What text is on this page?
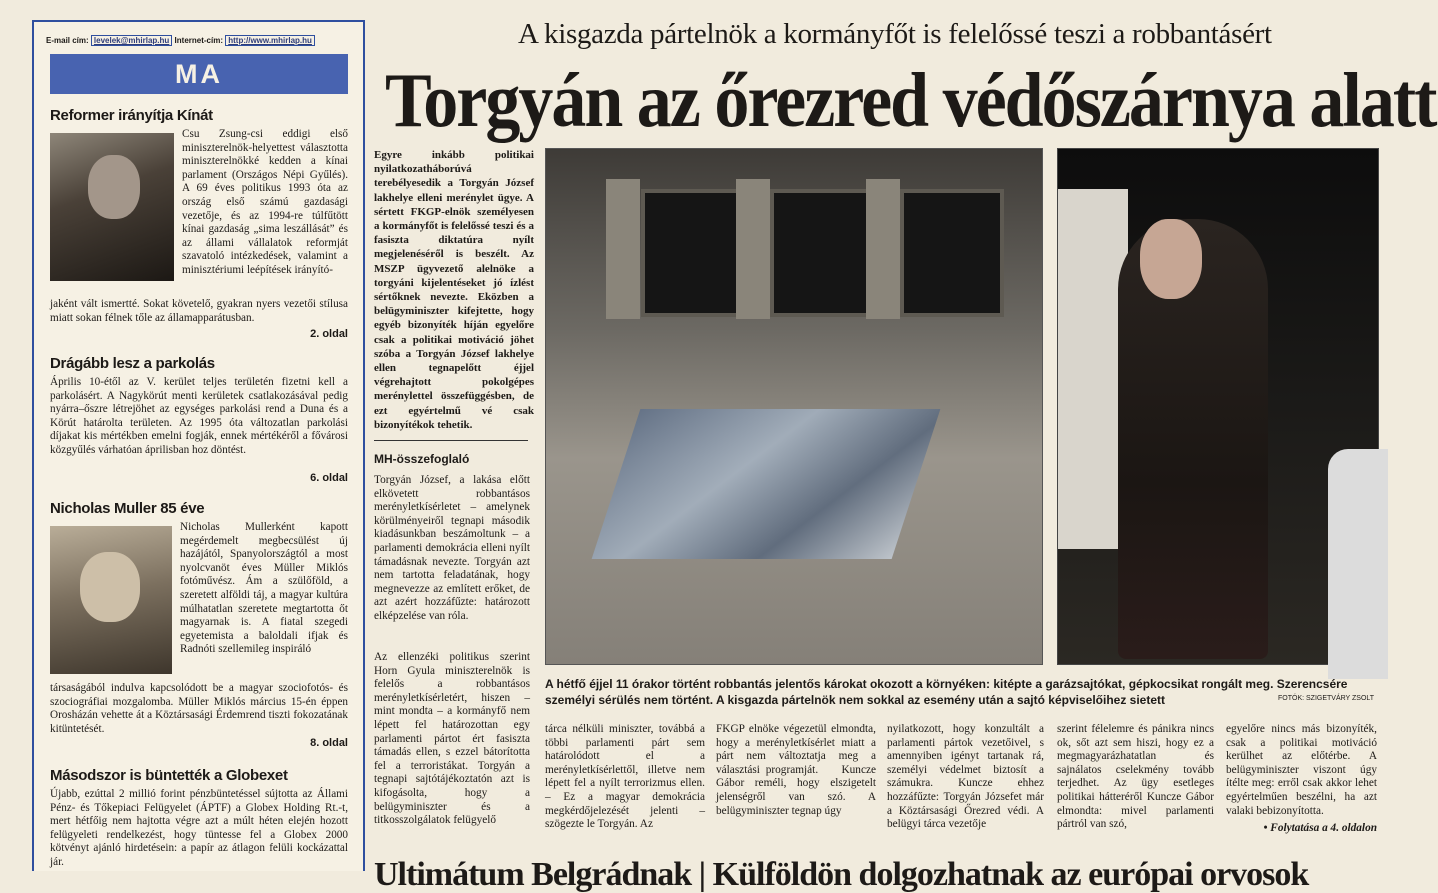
E-mail cím: levelek@mhirlap.hu Internet-cím: http://www.mhirlap.hu
MA
Reformer irányítja Kínát
Csu Zsung-csi eddigi első miniszterelnök-helyettest választotta miniszterelnökké kedden a kínai parlament (Országos Népi Gyűlés). A 69 éves politikus 1993 óta az ország első számú gazdasági vezetője, és az 1994-re túlfűtött kínai gazdaság „sima leszállását” és az állami vállalatok reformját szavatoló intézkedések, valamint a minisztériumi leépítések irányító-
jaként vált ismertté. Sokat követelő, gyakran nyers vezetői stílusa miatt sokan félnek tőle az államapparátusban.
2. oldal
Drágább lesz a parkolás
Április 10-étől az V. kerület teljes területén fizetni kell a parkolásért. A Nagykörút menti kerületek csatlakozásával pedig nyárra–őszre létrejöhet az egységes parkolási rend a Duna és a Körút határolta területen. Az 1995 óta változatlan parkolási díjakat kis mértékben emelni fogják, ennek mértékéről a fővárosi közgyűlés várhatóan áprilisban hoz döntést.
6. oldal
Nicholas Muller 85 éve
Nicholas Mullerként kapott megérdemelt megbecsülést új hazájától, Spanyolországtól a most nyolcvanöt éves Müller Miklós fotóművész. Ám a szülőföld, a szeretett alföldi táj, a magyar kultúra múlhatatlan szeretete megtartotta őt magyarnak is. A fiatal szegedi egyetemista a baloldali ifjak és Radnóti szellemileg inspiráló
társaságából indulva kapcsolódott be a magyar szociofotós- és szociográfiai mozgalomba. Müller Miklós március 15-én éppen Orosházán vehette át a Köztársasági Érdemrend tiszti fokozatának kitüntetését.
8. oldal
Másodszor is büntették a Globexet
Újabb, ezúttal 2 millió forint pénzbüntetéssel sújtotta az Állami Pénz- és Tőkepiaci Felügyelet (ÁPTF) a Globex Holding Rt.-t, mert hétfőig nem hajtotta végre azt a múlt héten elején hozott felügyeleti rendelkezést, hogy tüntesse fel a Globex 2000 kötvényt ajánló hirdetésein: a papír az átlagon felüli kockázattal jár.
A kisgazda pártelnök a kormányfőt is felelőssé teszi a robbantásért
Torgyán az őrezred védőszárnya alatt
Egyre inkább politikai nyilatkozatháborúvá terebélyesedik a Torgyán József lakhelye elleni merénylet ügye. A sértett FKGP-elnök személyesen a kormányfőt is felelőssé teszi és a fasiszta diktatúra nyílt megjelenéséről is beszélt. Az MSZP ügyvezető alelnöke a torgyáni kijelentéseket jó ízlést sértőknek nevezte. Eközben a belügyminiszter kifejtette, hogy egyéb bizonyíték híján egyelőre csak a politikai motiváció jöhet szóba a Torgyán József lakhelye ellen tegnapelőtt éjjel végrehajtott pokolgépes merénylettel összefüggésben, de ezt egyértelmű vé csak bizonyítékok tehetik.
MH-összefoglaló
Torgyán József, a lakása előtt elkövetett robbantásos merényletkísérletet – amelynek körülményeiről tegnapi második kiadásunkban beszámoltunk – a parlamenti demokrácia elleni nyílt támadásnak nevezte. Torgyán azt nem tartotta feladatának, hogy megnevezze az említett erőket, de azt azért hozzáfűzte: határozott elképzelése van róla.
Az ellenzéki politikus szerint Horn Gyula miniszterelnök is felelős a robbantásos merényletkísérletért, hiszen – mint mondta – a kormányfő nem lépett fel határozottan egy parlamenti pártot ért fasiszta támadás ellen, s ezzel bátorította fel a terroristákat. Torgyán a tegnapi sajtótájékoztatón azt is kifogásolta, hogy a belügyminiszter és a titkosszolgálatok felügyelő
A hétfő éjjel 11 órakor történt robbantás jelentős károkat okozott a környéken: kitépte a garázsajtókat, gépkocsikat rongált meg. Szerencsére személyi sérülés nem történt. A kisgazda pártelnök nem sokkal az esemény után a sajtó képviselőihez sietett	FOTÓK: SZIGETVÁRY ZSOLT
tárca nélküli miniszter, továbbá a többi parlamenti párt sem határolódott el a merényletkísérlettől, illetve nem lépett fel a nyílt terrorizmus ellen. – Ez a magyar demokrácia megkérdőjelezését jelenti – szögezte le Torgyán. Az
FKGP elnöke végezetül elmondta, hogy a merényletkísérlet miatt a párt nem változtatja meg a választási programját.    Kuncze Gábor reméli, hogy elszigetelt jelenségről van szó. A belügyminiszter tegnap úgy
nyilatkozott, hogy konzultált a parlamenti pártok vezetőivel, s amennyiben igényt tartanak rá, személyi védelmet biztosít a számukra. Kuncze ehhez hozzáfűzte: Torgyán Józsefet már a Köztársasági Őrezred védi. A belügyi tárca vezetője
szerint félelemre és pánikra nincs ok, sőt azt sem hiszi, hogy ez a megmagyarázhatatlan és sajnálatos cselekmény tovább terjedhet. Az ügy esetleges politikai hátteréről Kuncze Gábor elmondta: mivel parlamenti pártról van szó,
egyelőre nincs más bizonyíték, csak a politikai motiváció kerülhet az előtérbe. A belügyminiszter viszont úgy ítélte meg: erről csak akkor lehet egyértelműen beszélni, ha azt valaki bebizonyította.
• Folytatása a 4. oldalon
Ultimátum Belgrádnak | Külföldön dolgozhatnak az európai orvosok
